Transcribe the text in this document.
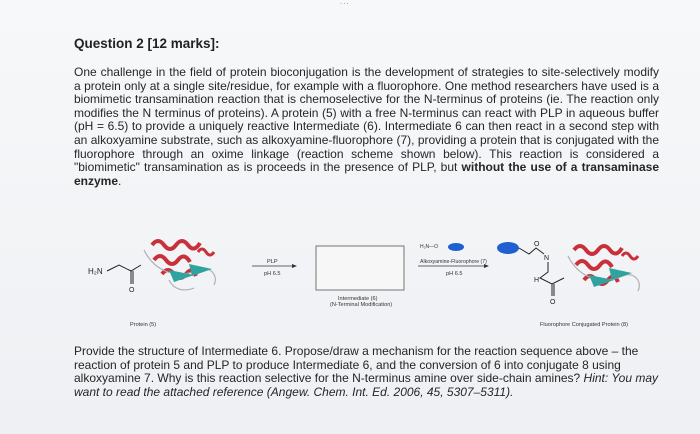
...
Question 2 [12 marks]:
One challenge in the field of protein bioconjugation is the development of strategies to site-selectively modify a protein only at a single site/residue, for example with a fluorophore. One method researchers have used is a biomimetic transamination reaction that is chemoselective for the N-terminus of proteins (ie. The reaction only modifies the N terminus of proteins). A protein (5) with a free N-terminus can react with PLP in aqueous buffer (pH = 6.5) to provide a uniquely reactive Intermediate (6). Intermediate 6 can then react in a second step with an alkoxyamine substrate, such as alkoxyamine-fluorophore (7), providing a protein that is conjugated with the fluorophore through an oxime linkage (reaction scheme shown below). This reaction is considered a "biomimetic" transamination as is proceeds in the presence of PLP, but without the use of a transaminase enzyme.
H₂N
O
PLP
pH 6.5
Intermediate (6)
(N-Terminal Modification)
H₂N—O
Alkoxyamine-Fluorophore (7)
pH 6.5
O
N
H
O
Protein (5)	Fluorophore Conjugated Protein (8)
Provide the structure of Intermediate 6. Propose/draw a mechanism for the reaction sequence above – the reaction of protein 5 and PLP to produce Intermediate 6, and the conversion of 6 into conjugate 8 using alkoxyamine 7. Why is this reaction selective for the N-terminus amine over side-chain amines? Hint: You may want to read the attached reference (Angew. Chem. Int. Ed. 2006, 45, 5307–5311).
